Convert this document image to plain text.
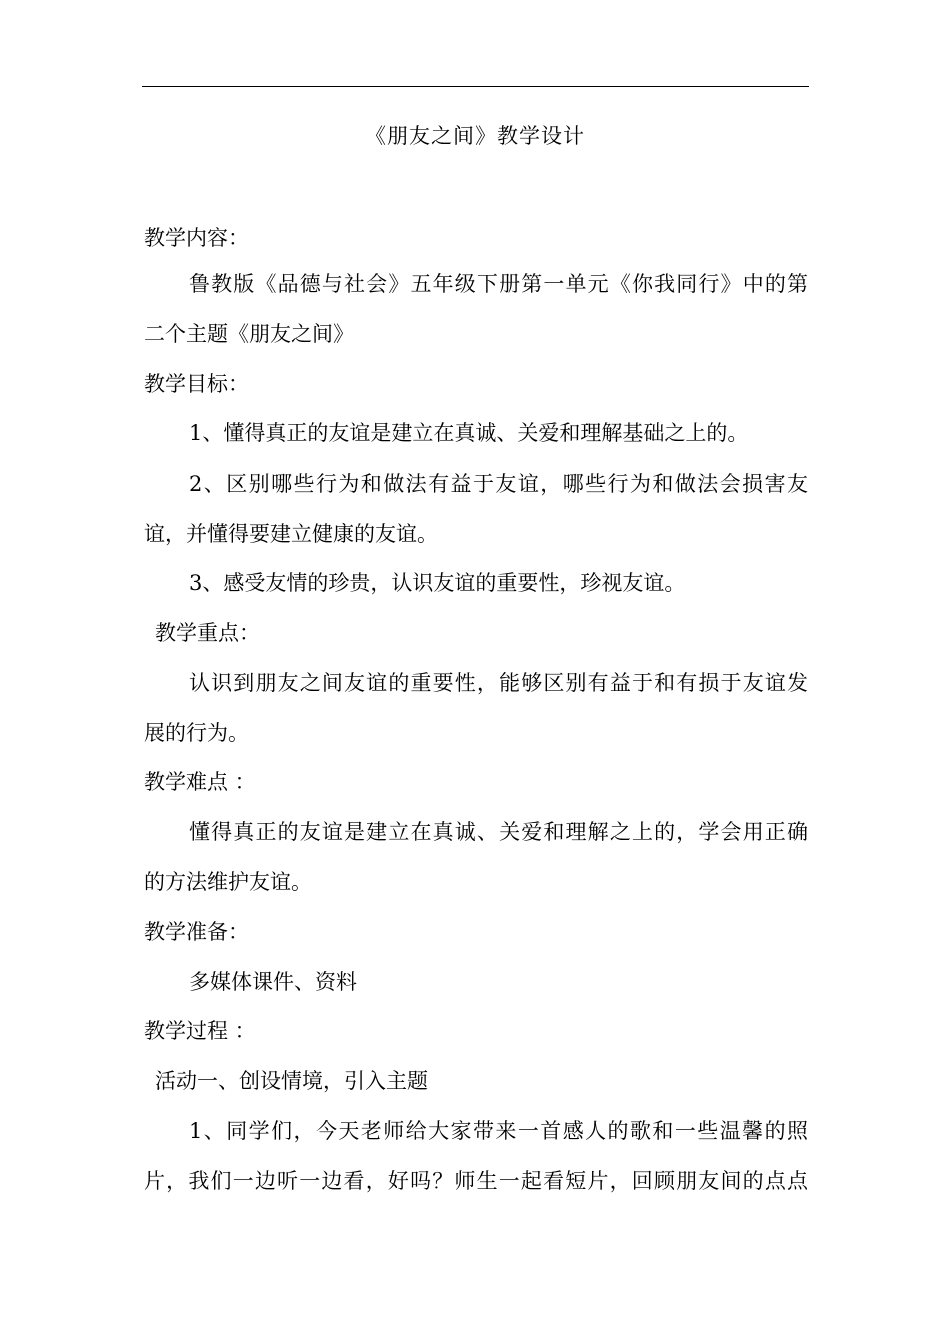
《朋友之间》教学设计
教学内容：
鲁教版《品德与社会》五年级下册第一单元《你我同行》中的第
二个主题《朋友之间》
教学目标：
1、懂得真正的友谊是建立在真诚、关爱和理解基础之上的。
2、区别哪些行为和做法有益于友谊，哪些行为和做法会损害友
谊，并懂得要建立健康的友谊。
3、感受友情的珍贵，认识友谊的重要性，珍视友谊。
教学重点：
认识到朋友之间友谊的重要性，能够区别有益于和有损于友谊发
展的行为。
教学难点 ：
懂得真正的友谊是建立在真诚、关爱和理解之上的，学会用正确
的方法维护友谊。
教学准备：
多媒体课件、资料
教学过程 ：
活动一、创设情境，引入主题
1、同学们，今天老师给大家带来一首感人的歌和一些温馨的照
片，我们一边听一边看，好吗？师生一起看短片，回顾朋友间的点点
